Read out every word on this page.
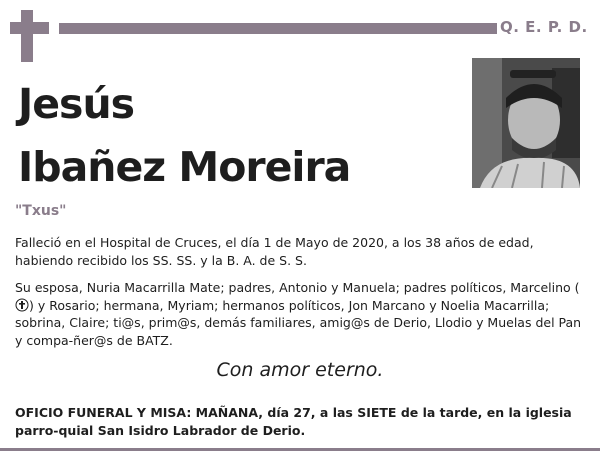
Q. E. P. D.
Jesús
Ibañez Moreira
"Txus"
Falleció en el Hospital de Cruces, el día 1 de Mayo de 2020, a los 38 años de edad, habiendo recibido los SS. SS. y la B. A. de S. S.
Su esposa, Nuria Macarrilla Mate; padres, Antonio y Manuela; padres políticos, Marcelino () y Rosario; hermana, Myriam; hermanos políticos, Jon Marcano y Noelia Macarrilla; sobrina, Claire; ti@s, prim@s, demás familiares, amig@s de Derio, Llodio y Muelas del Pan y compa-ñer@s de BATZ.
Con amor eterno.
OFICIO FUNERAL Y MISA: MAÑANA, día 27, a las SIETE de la tarde, en la iglesia parro-quial San Isidro Labrador de Derio.
